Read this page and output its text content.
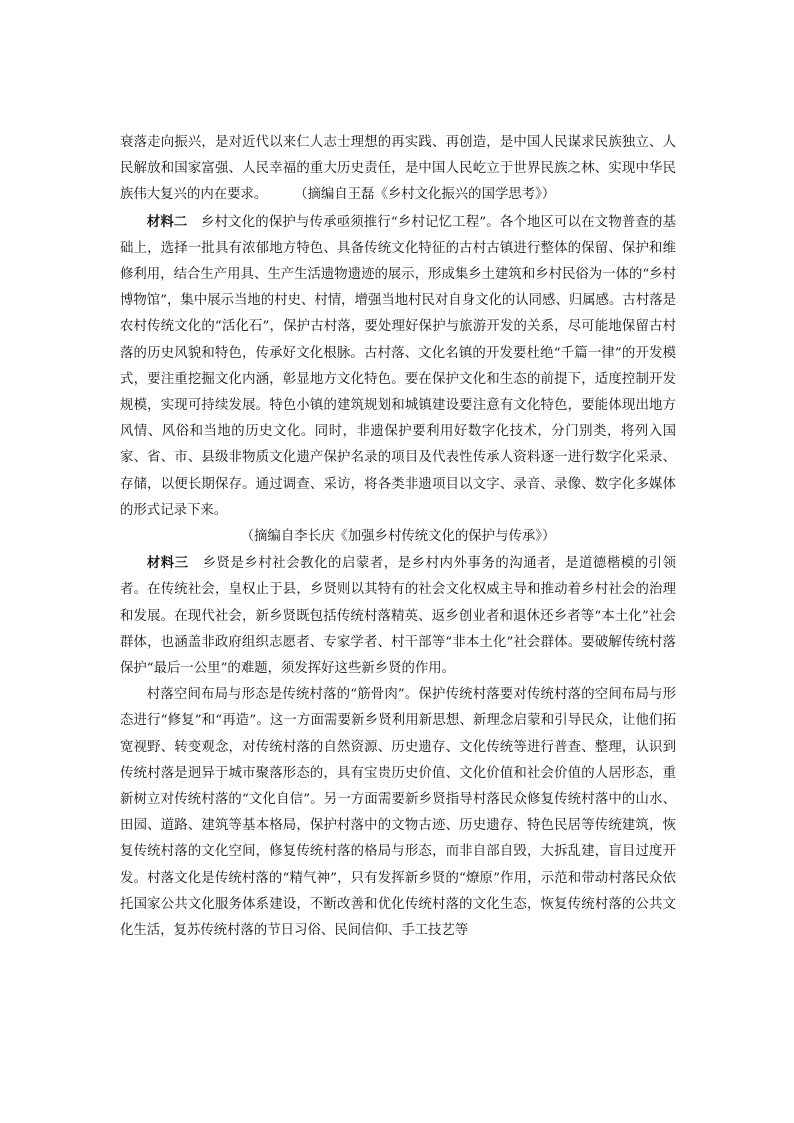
衰落走向振兴，是对近代以来仁人志士理想的再实践、再创造，是中国人民谋求民族独立、人民解放和国家富强、人民幸福的重大历史责任，是中国人民屹立于世界民族之林、实现中华民族伟大复兴的内在要求。	（摘编自王磊《乡村文化振兴的国学思考》）

材料二　乡村文化的保护与传承亟须推行“乡村记忆工程”。各个地区可以在文物普查的基础上，选择一批具有浓郁地方特色、具备传统文化特征的古村古镇进行整体的保留、保护和维修利用，结合生产用具、生产生活遗物遗迹的展示，形成集乡土建筑和乡村民俗为一体的“乡村博物馆”，集中展示当地的村史、村情，增强当地村民对自身文化的认同感、归属感。古村落是农村传统文化的“活化石”，保护古村落，要处理好保护与旅游开发的关系，尽可能地保留古村落的历史风貌和特色，传承好文化根脉。古村落、文化名镇的开发要杜绝“千篇一律”的开发模式，要注重挖掘文化内涵，彰显地方文化特色。要在保护文化和生态的前提下，适度控制开发规模，实现可持续发展。特色小镇的建筑规划和城镇建设要注意有文化特色，要能体现出地方风情、风俗和当地的历史文化。同时，非遗保护要利用好数字化技术，分门别类，将列入国家、省、市、县级非物质文化遗产保护名录的项目及代表性传承人资料逐一进行数字化采录、存储，以便长期保存。通过调查、采访，将各类非遗项目以文字、录音、录像、数字化多媒体的形式记录下来。

（摘编自李长庆《加强乡村传统文化的保护与传承》）

材料三　乡贤是乡村社会教化的启蒙者，是乡村内外事务的沟通者，是道德楷模的引领者。在传统社会，皇权止于县，乡贤则以其特有的社会文化权威主导和推动着乡村社会的治理和发展。在现代社会，新乡贤既包括传统村落精英、返乡创业者和退休还乡者等“本土化”社会群体，也涵盖非政府组织志愿者、专家学者、村干部等“非本土化”社会群体。要破解传统村落保护“最后一公里”的难题，须发挥好这些新乡贤的作用。

村落空间布局与形态是传统村落的“筋骨肉”。保护传统村落要对传统村落的空间布局与形态进行“修复”和“再造”。这一方面需要新乡贤利用新思想、新理念启蒙和引导民众，让他们拓宽视野、转变观念，对传统村落的自然资源、历史遗存、文化传统等进行普查、整理，认识到传统村落是迥异于城市聚落形态的，具有宝贵历史价值、文化价值和社会价值的人居形态，重新树立对传统村落的“文化自信”。另一方面需要新乡贤指导村落民众修复传统村落中的山水、田园、道路、建筑等基本格局，保护村落中的文物古迹、历史遗存、特色民居等传统建筑，恢复传统村落的文化空间，修复传统村落的格局与形态，而非自部自毁，大拆乱建，盲目过度开发。村落文化是传统村落的“精气神”，只有发挥新乡贤的“燎原”作用，示范和带动村落民众依托国家公共文化服务体系建设，不断改善和优化传统村落的文化生态，恢复传统村落的公共文化生活，复苏传统村落的节日习俗、民间信仰、手工技艺等
